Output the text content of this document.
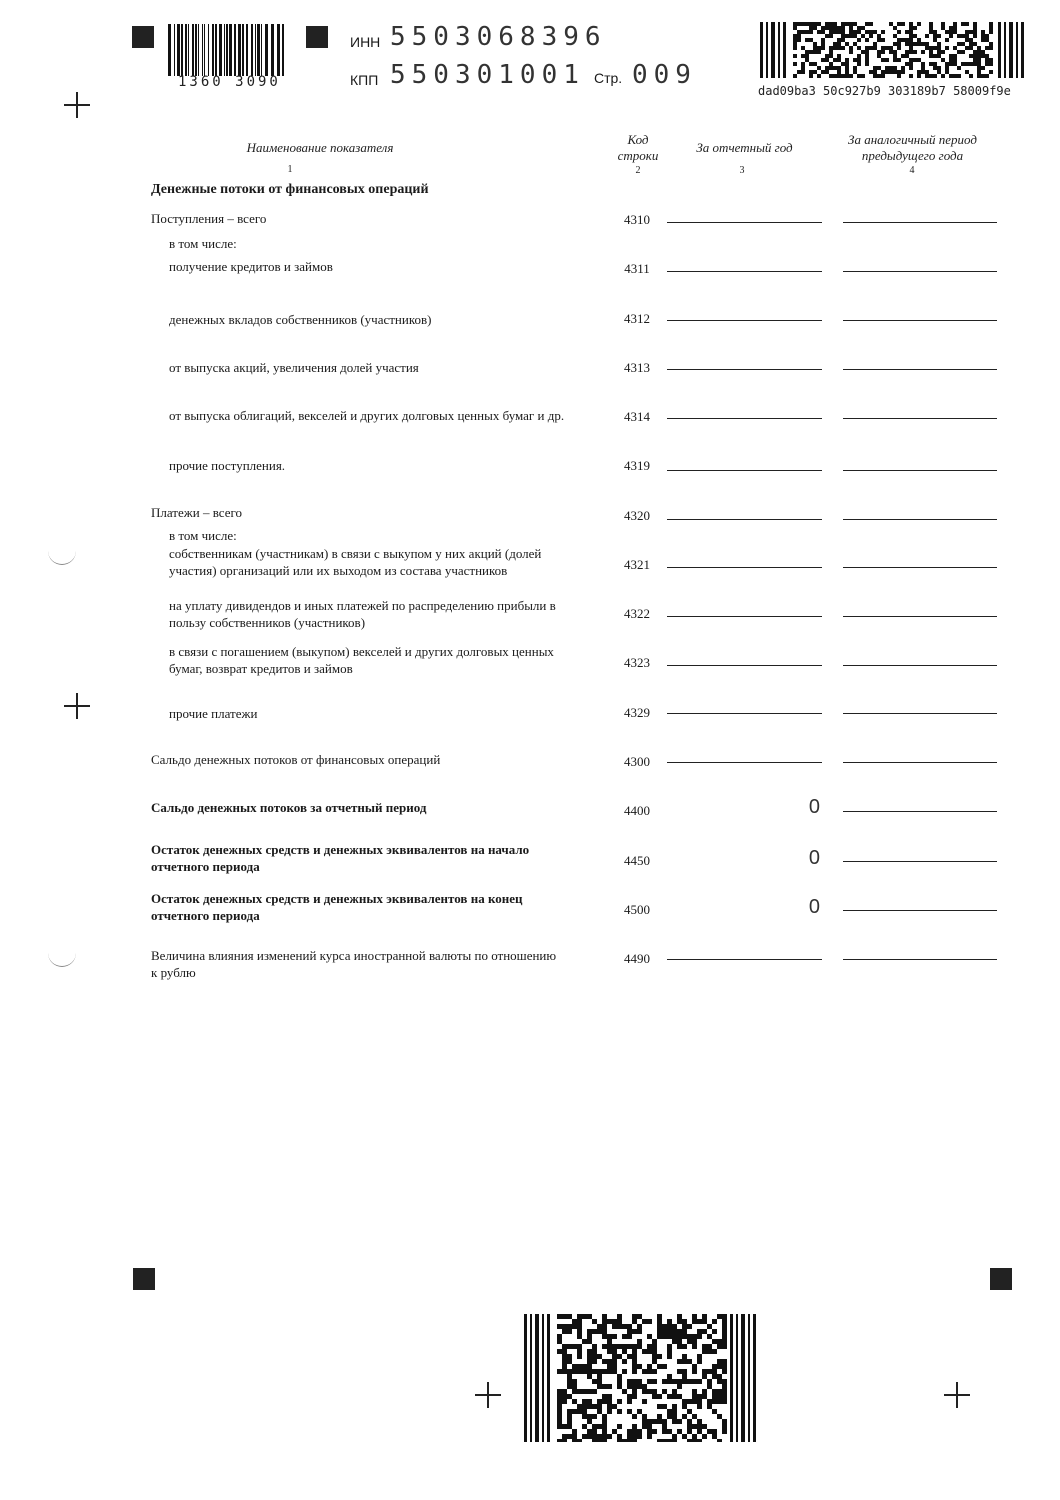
1360 3090
ИНН 5503068396
КПП 550301001 Стр. 009
dad09ba3 50c927b9 303189b7 58009f9e
Наименование показателя
1
Код
строки
2
За отчетный год
3
За аналогичный период
предыдущего года
4
Денежные потоки от финансовых операций
Поступления – всего	4310
в том числе:
получение кредитов и займов	4311
денежных вкладов собственников (участников)	4312
от выпуска акций, увеличения долей участия	4313
от выпуска облигаций, векселей и других долговых ценных бумаг и др.	4314
прочие поступления.	4319
Платежи – всего	4320
в том числе:
собственникам (участникам) в связи с выкупом у них акций (долей
участия) организаций или их выходом из состава участников	4321
на уплату дивидендов и иных платежей по распределению прибыли в
пользу собственников (участников)
4322
в связи с погашением (выкупом) векселей и других долговых ценных
бумаг, возврат кредитов и займов	4323
прочие платежи	4329
Сальдо денежных потоков от финансовых операций	4300
Сальдо денежных потоков за отчетный период	4400	0
Остаток денежных средств и денежных эквивалентов на начало
отчетного периода	4450	0
Остаток денежных средств и денежных эквивалентов на конец
отчетного периода	4500	0
Величина влияния изменений курса иностранной валюты по отношению
к рублю
4490
